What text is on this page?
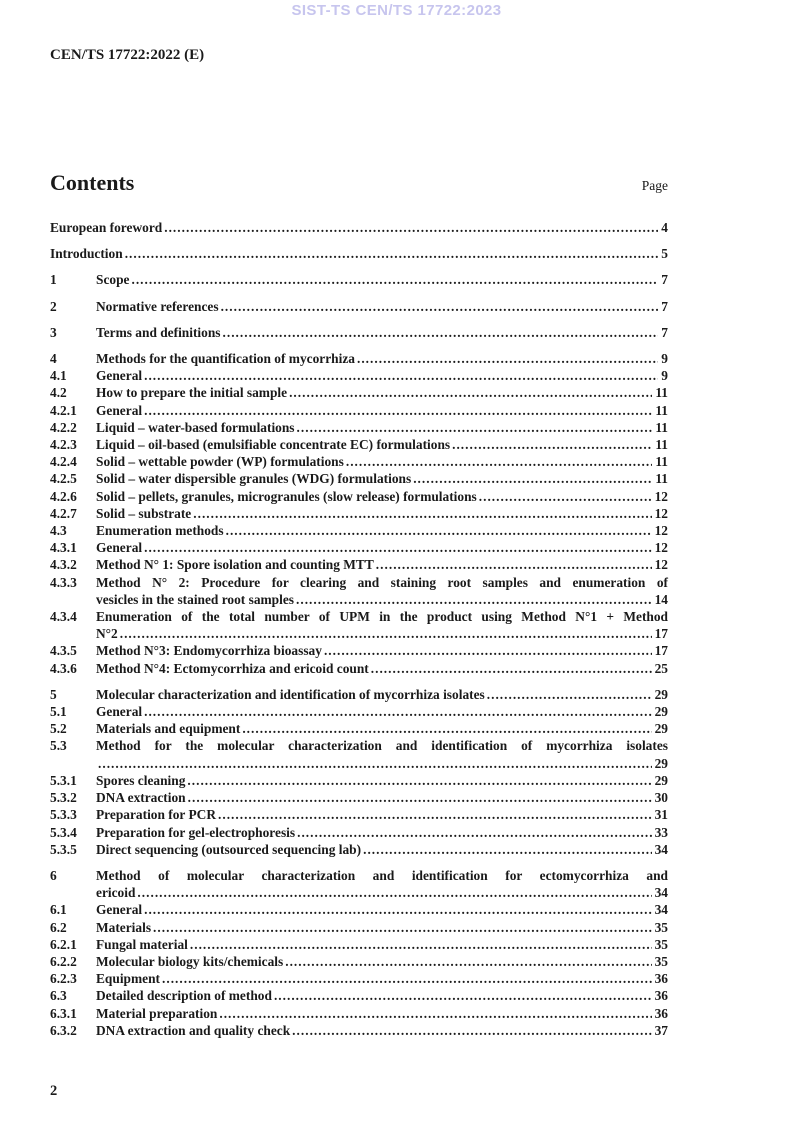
SIST-TS CEN/TS 17722:2023
CEN/TS 17722:2022 (E)
Contents	Page
European foreword .....	4
Introduction .....	5
1	Scope .....	7
2	Normative references .....	7
3	Terms and definitions .....	7
4	Methods for the quantification of mycorrhiza .....	9
4.1	General .....	9
4.2	How to prepare the initial sample .....	11
4.2.1	General .....	11
4.2.2	Liquid – water-based formulations .....	11
4.2.3	Liquid – oil-based (emulsifiable concentrate EC) formulations .....	11
4.2.4	Solid – wettable powder (WP) formulations .....	11
4.2.5	Solid – water dispersible granules (WDG) formulations .....	11
4.2.6	Solid – pellets, granules, microgranules (slow release) formulations .....	12
4.2.7	Solid – substrate .....	12
4.3	Enumeration methods .....	12
4.3.1	General .....	12
4.3.2	Method N° 1: Spore isolation and counting MTT .....	12
4.3.3	Method N° 2: Procedure for clearing and staining root samples and enumeration of
vesicles in the stained root samples .....	14
4.3.4	Enumeration of the total number of UPM in the product using Method N°1 + Method
N°2 .....	17
4.3.5	Method N°3: Endomycorrhiza bioassay .....	17
4.3.6	Method N°4: Ectomycorrhiza and ericoid count .....	25
5	Molecular characterization and identification of mycorrhiza isolates .....	29
5.1	General .....	29
5.2	Materials and equipment .....	29
5.3	Method for the molecular characterization and identification of mycorrhiza isolates
.....
29
5.3.1	Spores cleaning .....	29
5.3.2	DNA extraction .....	30
5.3.3	Preparation for PCR .....	31
5.3.4	Preparation for gel-electrophoresis .....	33
5.3.5	Direct sequencing (outsourced sequencing lab) .....	34
6	Method of molecular characterization and identification for ectomycorrhiza and
ericoid .....	34
6.1	General .....	34
6.2	Materials .....	35
6.2.1	Fungal material .....	35
6.2.2	Molecular biology kits/chemicals .....	35
6.2.3	Equipment .....	36
6.3	Detailed description of method .....	36
6.3.1	Material preparation .....	36
6.3.2	DNA extraction and quality check .....	37
2
